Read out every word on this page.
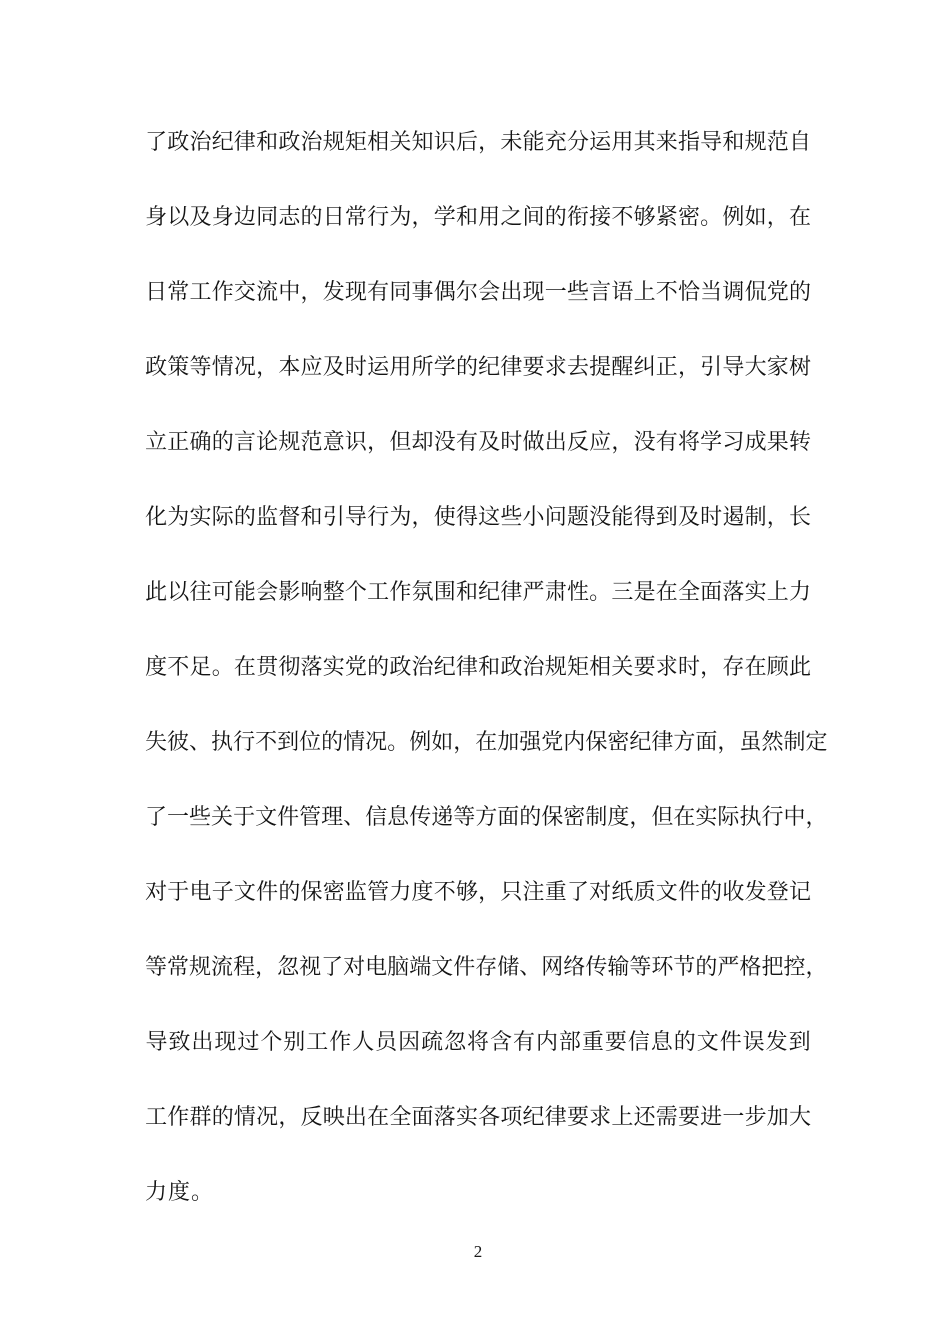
了 政 治 纪 律 和 政 治 规 矩 相 关 知 识 后 ， 未 能 充 分 运 用 其 来 指 导 和 规 范 自
身 以 及 身 边 同 志 的 日 常 行 为 ， 学 和 用 之 间 的 衔 接 不 够 紧 密 。 例 如 ， 在
日 常 工 作 交 流 中 ， 发 现 有 同 事 偶 尔 会 出 现 一 些 言 语 上 不 恰 当 调 侃 党 的
政 策 等 情 况 ， 本 应 及 时 运 用 所 学 的 纪 律 要 求 去 提 醒 纠 正 ， 引 导 大 家 树
立 正 确 的 言 论 规 范 意 识 ， 但 却 没 有 及 时 做 出 反 应 ， 没 有 将 学 习 成 果 转
化 为 实 际 的 监 督 和 引 导 行 为 ， 使 得 这 些 小 问 题 没 能 得 到 及 时 遏 制 ， 长
此 以 往 可 能 会 影 响 整 个 工 作 氛 围 和 纪 律 严 肃 性 。 三 是 在 全 面 落 实 上 力
度 不 足 。 在 贯 彻 落 实 党 的 政 治 纪 律 和 政 治 规 矩 相 关 要 求 时 ， 存 在 顾 此
失 彼 、 执 行 不 到 位 的 情 况 。 例 如 ， 在 加 强 党 内 保 密 纪 律 方 面 ， 虽 然 制 定
了 一 些 关 于 文 件 管 理 、 信 息 传 递 等 方 面 的 保 密 制 度 ， 但 在 实 际 执 行 中 ，
对 于 电 子 文 件 的 保 密 监 管 力 度 不 够 ， 只 注 重 了 对 纸 质 文 件 的 收 发 登 记
等 常 规 流 程 ， 忽 视 了 对 电 脑 端 文 件 存 储 、 网 络 传 输 等 环 节 的 严 格 把 控 ，
导 致 出 现 过 个 别 工 作 人 员 因 疏 忽 将 含 有 内 部 重 要 信 息 的 文 件 误 发 到
工 作 群 的 情 况 ， 反 映 出 在 全 面 落 实 各 项 纪 律 要 求 上 还 需 要 进 一 步 加 大
力度。
2
